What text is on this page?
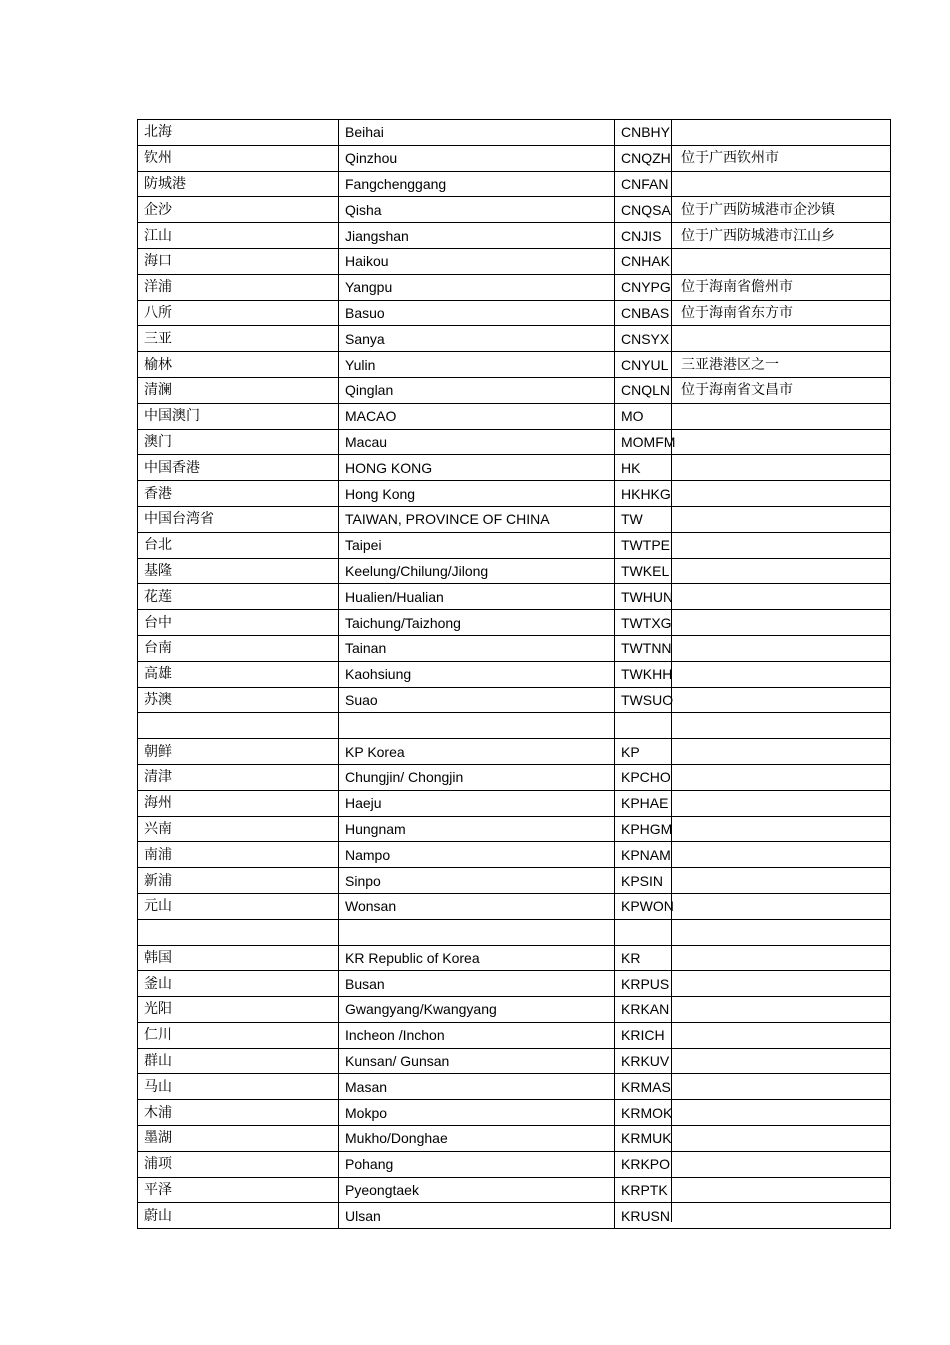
北海	Beihai	CNBHY
钦州	Qinzhou	CNQZH 位于广西钦州市

防城港	Fangchenggang	CNFAN
企沙	Qisha	CNQSA 位于广西防城港市企沙镇

江山	Jiangshan	CNJIS 位于广西防城港市江山乡

海口	Haikou	CNHAK
洋浦	Yangpu	CNYPG 位于海南省儋州市

八所	Basuo	CNBAS 位于海南省东方市

三亚	Sanya	CNSYX
榆林	Yulin	CNYUL 三亚港港区之一

清澜	Qinglan	CNQLN 位于海南省文昌市

中国澳门	MACAO	MO
澳门	Macau	MOMFM
中国香港	HONG KONG	HK
香港	Hong Kong	HKHKG
中国台湾省	TAIWAN, PROVINCE OF CHINA	TW
台北	Taipei	TWTPE
基隆	Keelung/Chilung/Jilong	TWKEL
花莲	Hualien/Hualian	TWHUN
台中	Taichung/Taizhong	TWTXG
台南	Tainan	TWTNN
高雄	Kaohsiung	TWKHH
苏澳	Suao	TWSUO

朝鲜	KP Korea	KP
清津	Chungjin/ Chongjin	KPCHO
海州	Haeju	KPHAE
兴南	Hungnam	KPHGM
南浦	Nampo	KPNAM
新浦	Sinpo	KPSIN
元山	Wonsan	KPWON

韩国	KR Republic of Korea	KR
釜山	Busan	KRPUS
光阳	Gwangyang/Kwangyang	KRKAN
仁川	Incheon /Inchon	KRICH
群山	Kunsan/ Gunsan	KRKUV
马山	Masan	KRMAS
木浦	Mokpo	KRMOK
墨湖	Mukho/Donghae	KRMUK
浦项	Pohang	KRKPO
平泽	Pyeongtaek	KRPTK
蔚山	Ulsan	KRUSN
